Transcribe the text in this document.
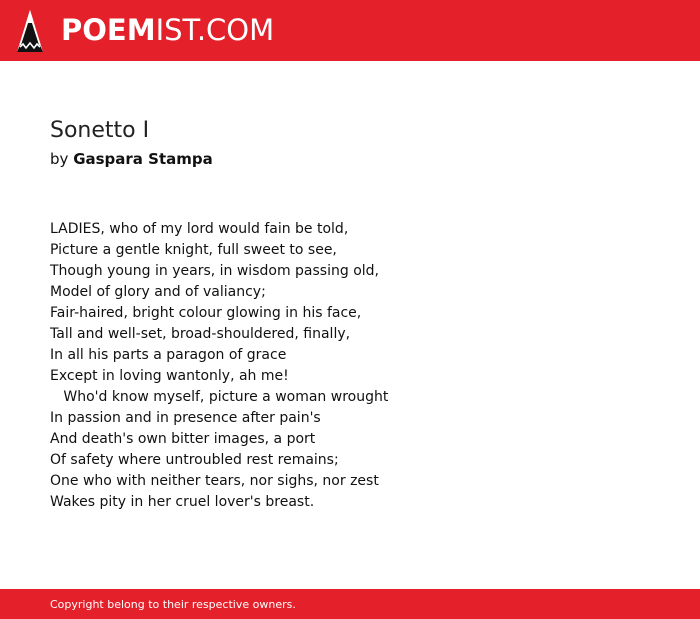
POEMIST.COM
Sonetto I
by Gaspara Stampa
LADIES, who of my lord would fain be told,
Picture a gentle knight, full sweet to see,
Though young in years, in wisdom passing old,
Model of glory and of valiancy;
Fair-haired, bright colour glowing in his face,
Tall and well-set, broad-shouldered, finally,
In all his parts a paragon of grace
Except in loving wantonly, ah me!
Who'd know myself, picture a woman wrought
In passion and in presence after pain's
And death's own bitter images, a port
Of safety where untroubled rest remains;
One who with neither tears, nor sighs, nor zest
Wakes pity in her cruel lover's breast.
Copyright belong to their respective owners.
